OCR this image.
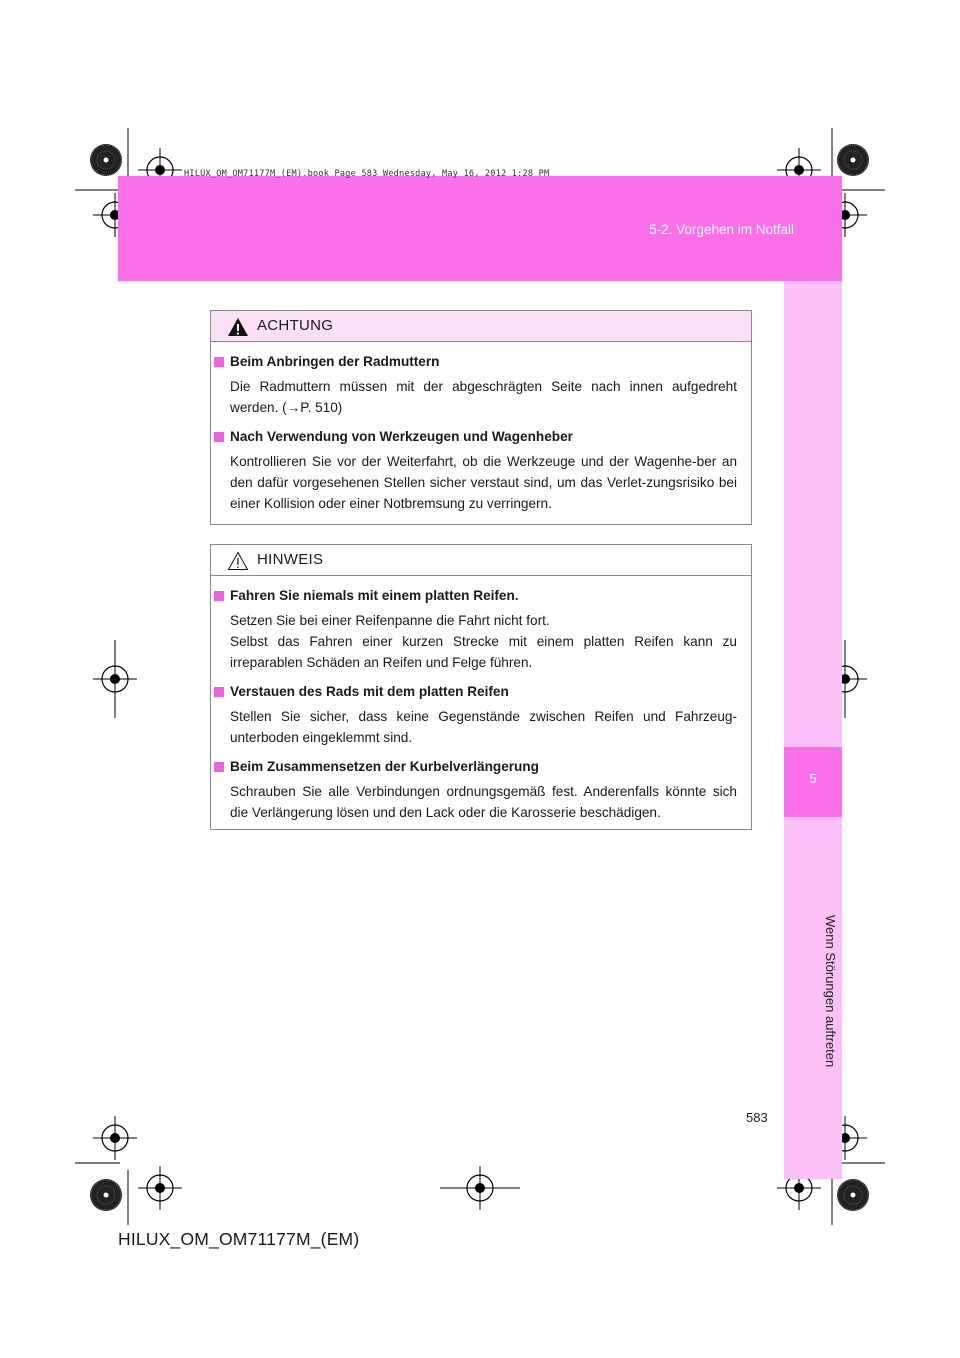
HILUX_OM_OM71177M_(EM).book Page 583 Wednesday, May 16, 2012 1:28 PM
5-2. Vorgehen im Notfall
5
Wenn Störungen auftreten
ACHTUNG
Beim Anbringen der Radmuttern

Die Radmuttern müssen mit der abgeschrägten Seite nach innen aufgedreht werden. (→P. 510)

Nach Verwendung von Werkzeugen und Wagenheber

Kontrollieren Sie vor der Weiterfahrt, ob die Werkzeuge und der Wagenhe-ber an den dafür vorgesehenen Stellen sicher verstaut sind, um das Verlet-zungsrisiko bei einer Kollision oder einer Notbremsung zu verringern.

HINWEIS
Fahren Sie niemals mit einem platten Reifen.

Setzen Sie bei einer Reifenpanne die Fahrt nicht fort.

Selbst das Fahren einer kurzen Strecke mit einem platten Reifen kann zu irreparablen Schäden an Reifen und Felge führen.

Verstauen des Rads mit dem platten Reifen

Stellen Sie sicher, dass keine Gegenstände zwischen Reifen und Fahrzeug-unterboden eingeklemmt sind.

Beim Zusammensetzen der Kurbelverlängerung

Schrauben Sie alle Verbindungen ordnungsgemäß fest. Anderenfalls könnte sich die Verlängerung lösen und den Lack oder die Karosserie beschädigen.

583
HILUX_OM_OM71177M_(EM)
